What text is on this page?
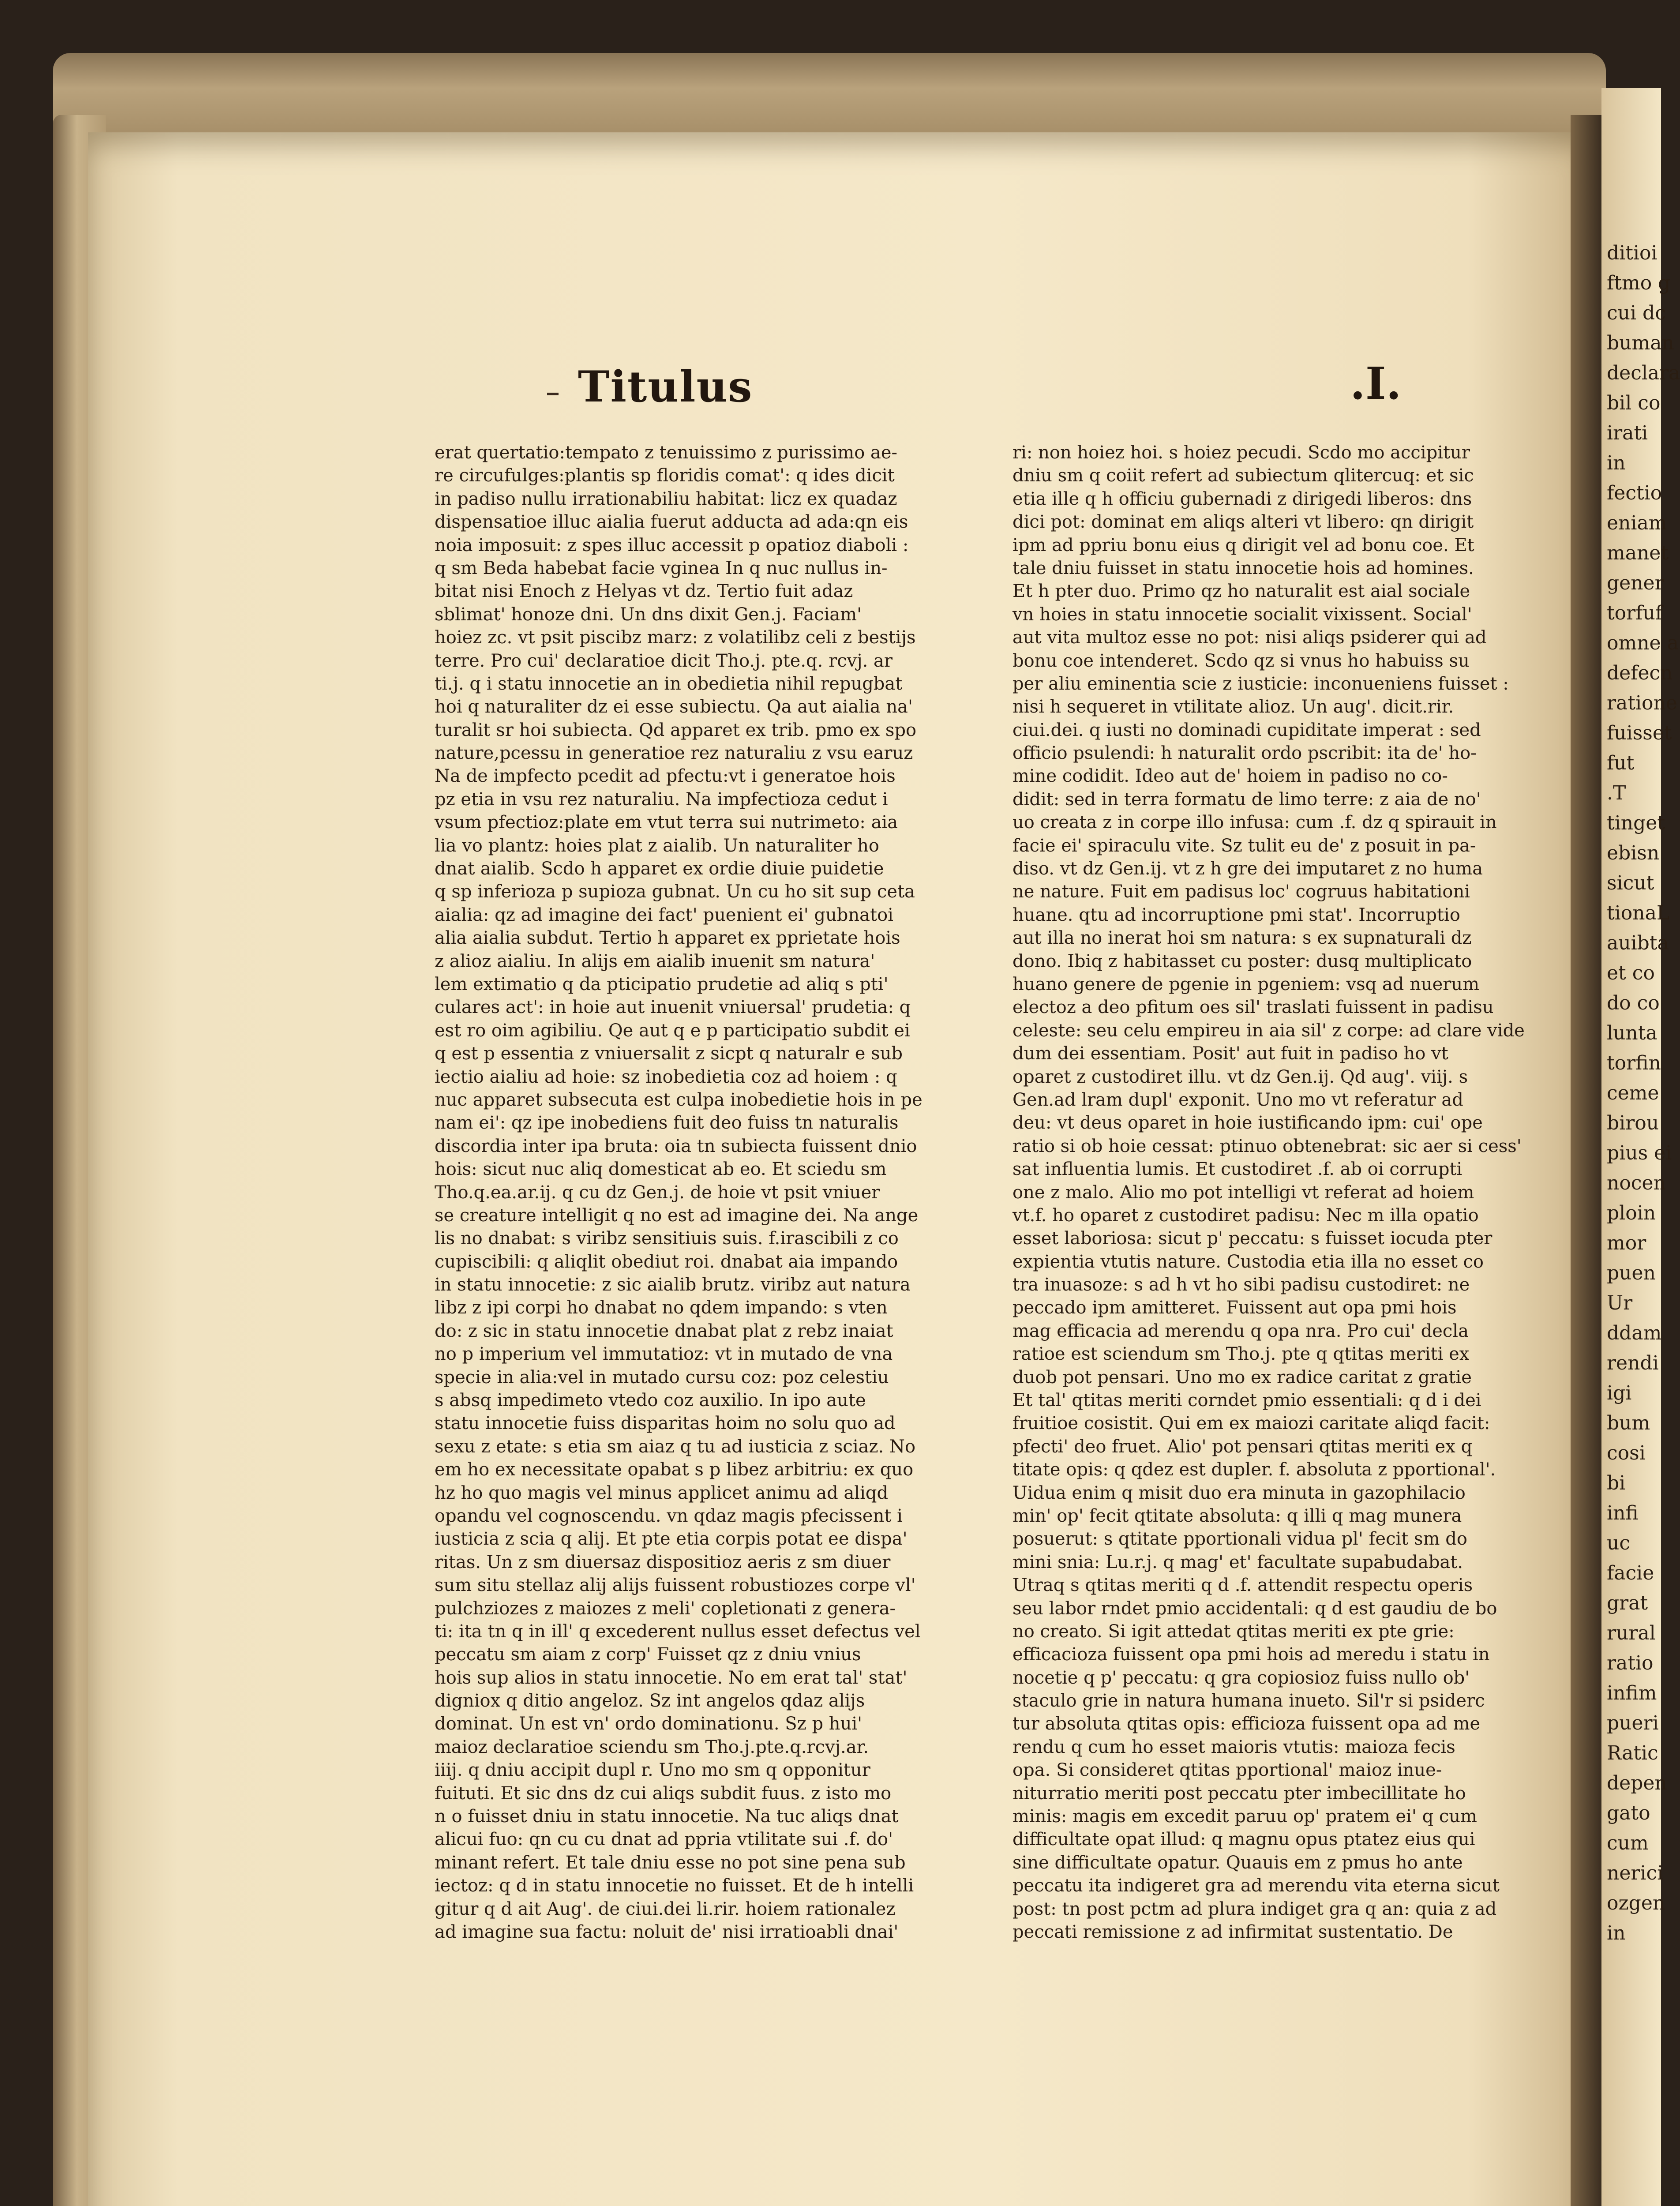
Titulus	.I.
erat quertatio:tempato z tenuissimo z purissimo ae-
re circufulges:plantis sp floridis comat': q ides dicit
in padiso nullu irrationabiliu habitat: licz ex quadaz
dispensatioe illuc aialia fuerut adducta ad ada:qn eis
noia imposuit: z spes illuc accessit p opatioz diaboli :
q sm Beda habebat facie vginea In q nuc nullus in-
bitat nisi Enoch z Helyas vt dz. Tertio fuit adaz
sblimat' honoze dni. Un dns dixit Gen.j. Faciam'
hoiez zc. vt psit piscibz marz: z volatilibz celi z bestijs
terre. Pro cui' declaratioe dicit Tho.j. pte.q. rcvj. ar
ti.j. q i statu innocetie an in obedietia nihil repugbat
hoi q naturaliter dz ei esse subiectu. Qa aut aialia na'
turalit sr hoi subiecta. Qd apparet ex trib. pmo ex spo
nature,pcessu in generatioe rez naturaliu z vsu earuz
Na de impfecto pcedit ad pfectu:vt i generatoe hois
pz etia in vsu rez naturaliu. Na impfectioza cedut i
vsum pfectioz:plate em vtut terra sui nutrimeto: aia
lia vo plantz: hoies plat z aialib. Un naturaliter ho
dnat aialib. Scdo h apparet ex ordie diuie puidetie
q sp inferioza p supioza gubnat. Un cu ho sit sup ceta
aialia: qz ad imagine dei fact' puenient ei' gubnatoi
alia aialia subdut. Tertio h apparet ex pprietate hois
z alioz aialiu. In alijs em aialib inuenit sm natura'
lem extimatio q da pticipatio prudetie ad aliq s pti'
culares act': in hoie aut inuenit vniuersal' prudetia: q
est ro oim agibiliu. Qe aut q e p participatio subdit ei
q est p essentia z vniuersalit z sicpt q naturalr e sub
iectio aialiu ad hoie: sz inobedietia coz ad hoiem : q
nuc apparet subsecuta est culpa inobedietie hois in pe
nam ei': qz ipe inobediens fuit deo fuiss tn naturalis
discordia inter ipa bruta: oia tn subiecta fuissent dnio
hois: sicut nuc aliq domesticat ab eo. Et sciedu sm
Tho.q.ea.ar.ij. q cu dz Gen.j. de hoie vt psit vniuer
se creature intelligit q no est ad imagine dei. Na ange
lis no dnabat: s viribz sensitiuis suis. f.irascibili z co
cupiscibili: q aliqlit obediut roi. dnabat aia impando
in statu innocetie: z sic aialib brutz. viribz aut natura
libz z ipi corpi ho dnabat no qdem impando: s vten
do: z sic in statu innocetie dnabat plat z rebz inaiat
no p imperium vel immutatioz: vt in mutado de vna
specie in alia:vel in mutado cursu coz: poz celestiu
s absq impedimeto vtedo coz auxilio. In ipo aute
statu innocetie fuiss disparitas hoim no solu quo ad
sexu z etate: s etia sm aiaz q tu ad iusticia z sciaz. No
em ho ex necessitate opabat s p libez arbitriu: ex quo
hz ho quo magis vel minus applicet animu ad aliqd
opandu vel cognoscendu. vn qdaz magis pfecissent i
iusticia z scia q alij. Et pte etia corpis potat ee dispa'
ritas. Un z sm diuersaz dispositioz aeris z sm diuer
sum situ stellaz alij alijs fuissent robustiozes corpe vl'
pulchziozes z maiozes z meli' copletionati z genera-
ti: ita tn q in ill' q excederent nullus esset defectus vel
peccatu sm aiam z corp' Fuisset qz z dniu vnius
hois sup alios in statu innocetie. No em erat tal' stat'
digniox q ditio angeloz. Sz int angelos qdaz alijs
dominat. Un est vn' ordo dominationu. Sz p hui'
maioz declaratioe sciendu sm Tho.j.pte.q.rcvj.ar.
iiij. q dniu accipit dupl r. Uno mo sm q opponitur
fuituti. Et sic dns dz cui aliqs subdit fuus. z isto mo
n o fuisset dniu in statu innocetie. Na tuc aliqs dnat
alicui fuo: qn cu cu dnat ad ppria vtilitate sui .f. do'
minant refert. Et tale dniu esse no pot sine pena sub
iectoz: q d in statu innocetie no fuisset. Et de h intelli
gitur q d ait Aug'. de ciui.dei li.rir. hoiem rationalez
ad imagine sua factu: noluit de' nisi irratioabli dnai'
ri: non hoiez hoi. s hoiez pecudi. Scdo mo accipitur
dniu sm q coiit refert ad subiectum qlitercuq: et sic
etia ille q h officiu gubernadi z dirigedi liberos: dns
dici pot: dominat em aliqs alteri vt libero: qn dirigit
ipm ad ppriu bonu eius q dirigit vel ad bonu coe. Et
tale dniu fuisset in statu innocetie hois ad homines.
Et h pter duo. Primo qz ho naturalit est aial sociale
vn hoies in statu innocetie socialit vixissent. Social'
aut vita multoz esse no pot: nisi aliqs psiderer qui ad
bonu coe intenderet. Scdo qz si vnus ho habuiss su
per aliu eminentia scie z iusticie: inconueniens fuisset :
nisi h sequeret in vtilitate alioz. Un aug'. dicit.rir.
ciui.dei. q iusti no dominadi cupiditate imperat : sed
officio psulendi: h naturalit ordo pscribit: ita de' ho-
mine codidit. Ideo aut de' hoiem in padiso no co-
didit: sed in terra formatu de limo terre: z aia de no'
uo creata z in corpe illo infusa: cum .f. dz q spirauit in
facie ei' spiraculu vite. Sz tulit eu de' z posuit in pa-
diso. vt dz Gen.ij. vt z h gre dei imputaret z no huma
ne nature. Fuit em padisus loc' cogruus habitationi
huane. qtu ad incorruptione pmi stat'. Incorruptio
aut illa no inerat hoi sm natura: s ex supnaturali dz
dono. Ibiq z habitasset cu poster: dusq multiplicato
huano genere de pgenie in pgeniem: vsq ad nuerum
electoz a deo pfitum oes sil' traslati fuissent in padisu
celeste: seu celu empireu in aia sil' z corpe: ad clare vide
dum dei essentiam. Posit' aut fuit in padiso ho vt
oparet z custodiret illu. vt dz Gen.ij. Qd aug'. viij. s
Gen.ad lram dupl' exponit. Uno mo vt referatur ad
deu: vt deus oparet in hoie iustificando ipm: cui' ope
ratio si ob hoie cessat: ptinuo obtenebrat: sic aer si cess'
sat influentia lumis. Et custodiret .f. ab oi corrupti
one z malo. Alio mo pot intelligi vt referat ad hoiem
vt.f. ho oparet z custodiret padisu: Nec m illa opatio
esset laboriosa: sicut p' peccatu: s fuisset iocuda pter
expientia vtutis nature. Custodia etia illa no esset co
tra inuasoze: s ad h vt ho sibi padisu custodiret: ne
peccado ipm amitteret. Fuissent aut opa pmi hois
mag efficacia ad merendu q opa nra. Pro cui' decla
ratioe est sciendum sm Tho.j. pte q qtitas meriti ex
duob pot pensari. Uno mo ex radice caritat z gratie
Et tal' qtitas meriti corndet pmio essentiali: q d i dei
fruitioe cosistit. Qui em ex maiozi caritate aliqd facit:
pfecti' deo fruet. Alio' pot pensari qtitas meriti ex q
titate opis: q qdez est dupler. f. absoluta z pportional'.
Uidua enim q misit duo era minuta in gazophilacio
min' op' fecit qtitate absoluta: q illi q mag munera
posuerut: s qtitate pportionali vidua pl' fecit sm do
mini snia: Lu.r.j. q mag' et' facultate supabudabat.
Utraq s qtitas meriti q d .f. attendit respectu operis
seu labor rndet pmio accidentali: q d est gaudiu de bo
no creato. Si igit attedat qtitas meriti ex pte grie:
efficacioza fuissent opa pmi hois ad meredu i statu in
nocetie q p' peccatu: q gra copiosioz fuiss nullo ob'
staculo grie in natura humana inueto. Sil'r si psiderc
tur absoluta qtitas opis: efficioza fuissent opa ad me
rendu q cum ho esset maioris vtutis: maioza fecis
opa. Si consideret qtitas pportional' maioz inue-
niturratio meriti post peccatu pter imbecillitate ho
minis: magis em excedit paruu op' pratem ei' q cum
difficultate opat illud: q magnu opus ptatez eius qui
sine difficultate opatur. Quauis em z pmus ho ante
peccatu ita indigeret gra ad merendu vita eterna sicut
post: tn post pctm ad plura indiget gra q an: quia z ad
peccati remissione z ad infirmitat sustentatio. De
ditioi
ftmo g
cui dc
buman
declara
bil co
irati
in
fectio
eniam
manet
gener
torfuf
omne a
defecn
ratione
fuisset
fut
.T
tinget
ebisn
sicut
tionaL
auibta
et co
do co
lunta
torfin
ceme
birou
pius ei
nocen
ploin
mor
puen
Ur
ddam
rendi
igi
bum
cosi
bi
infi
uc
facie
grat
rural
ratio
infim
pueri
Ratic
depen
gato
cum
nerici
ozgen
in
